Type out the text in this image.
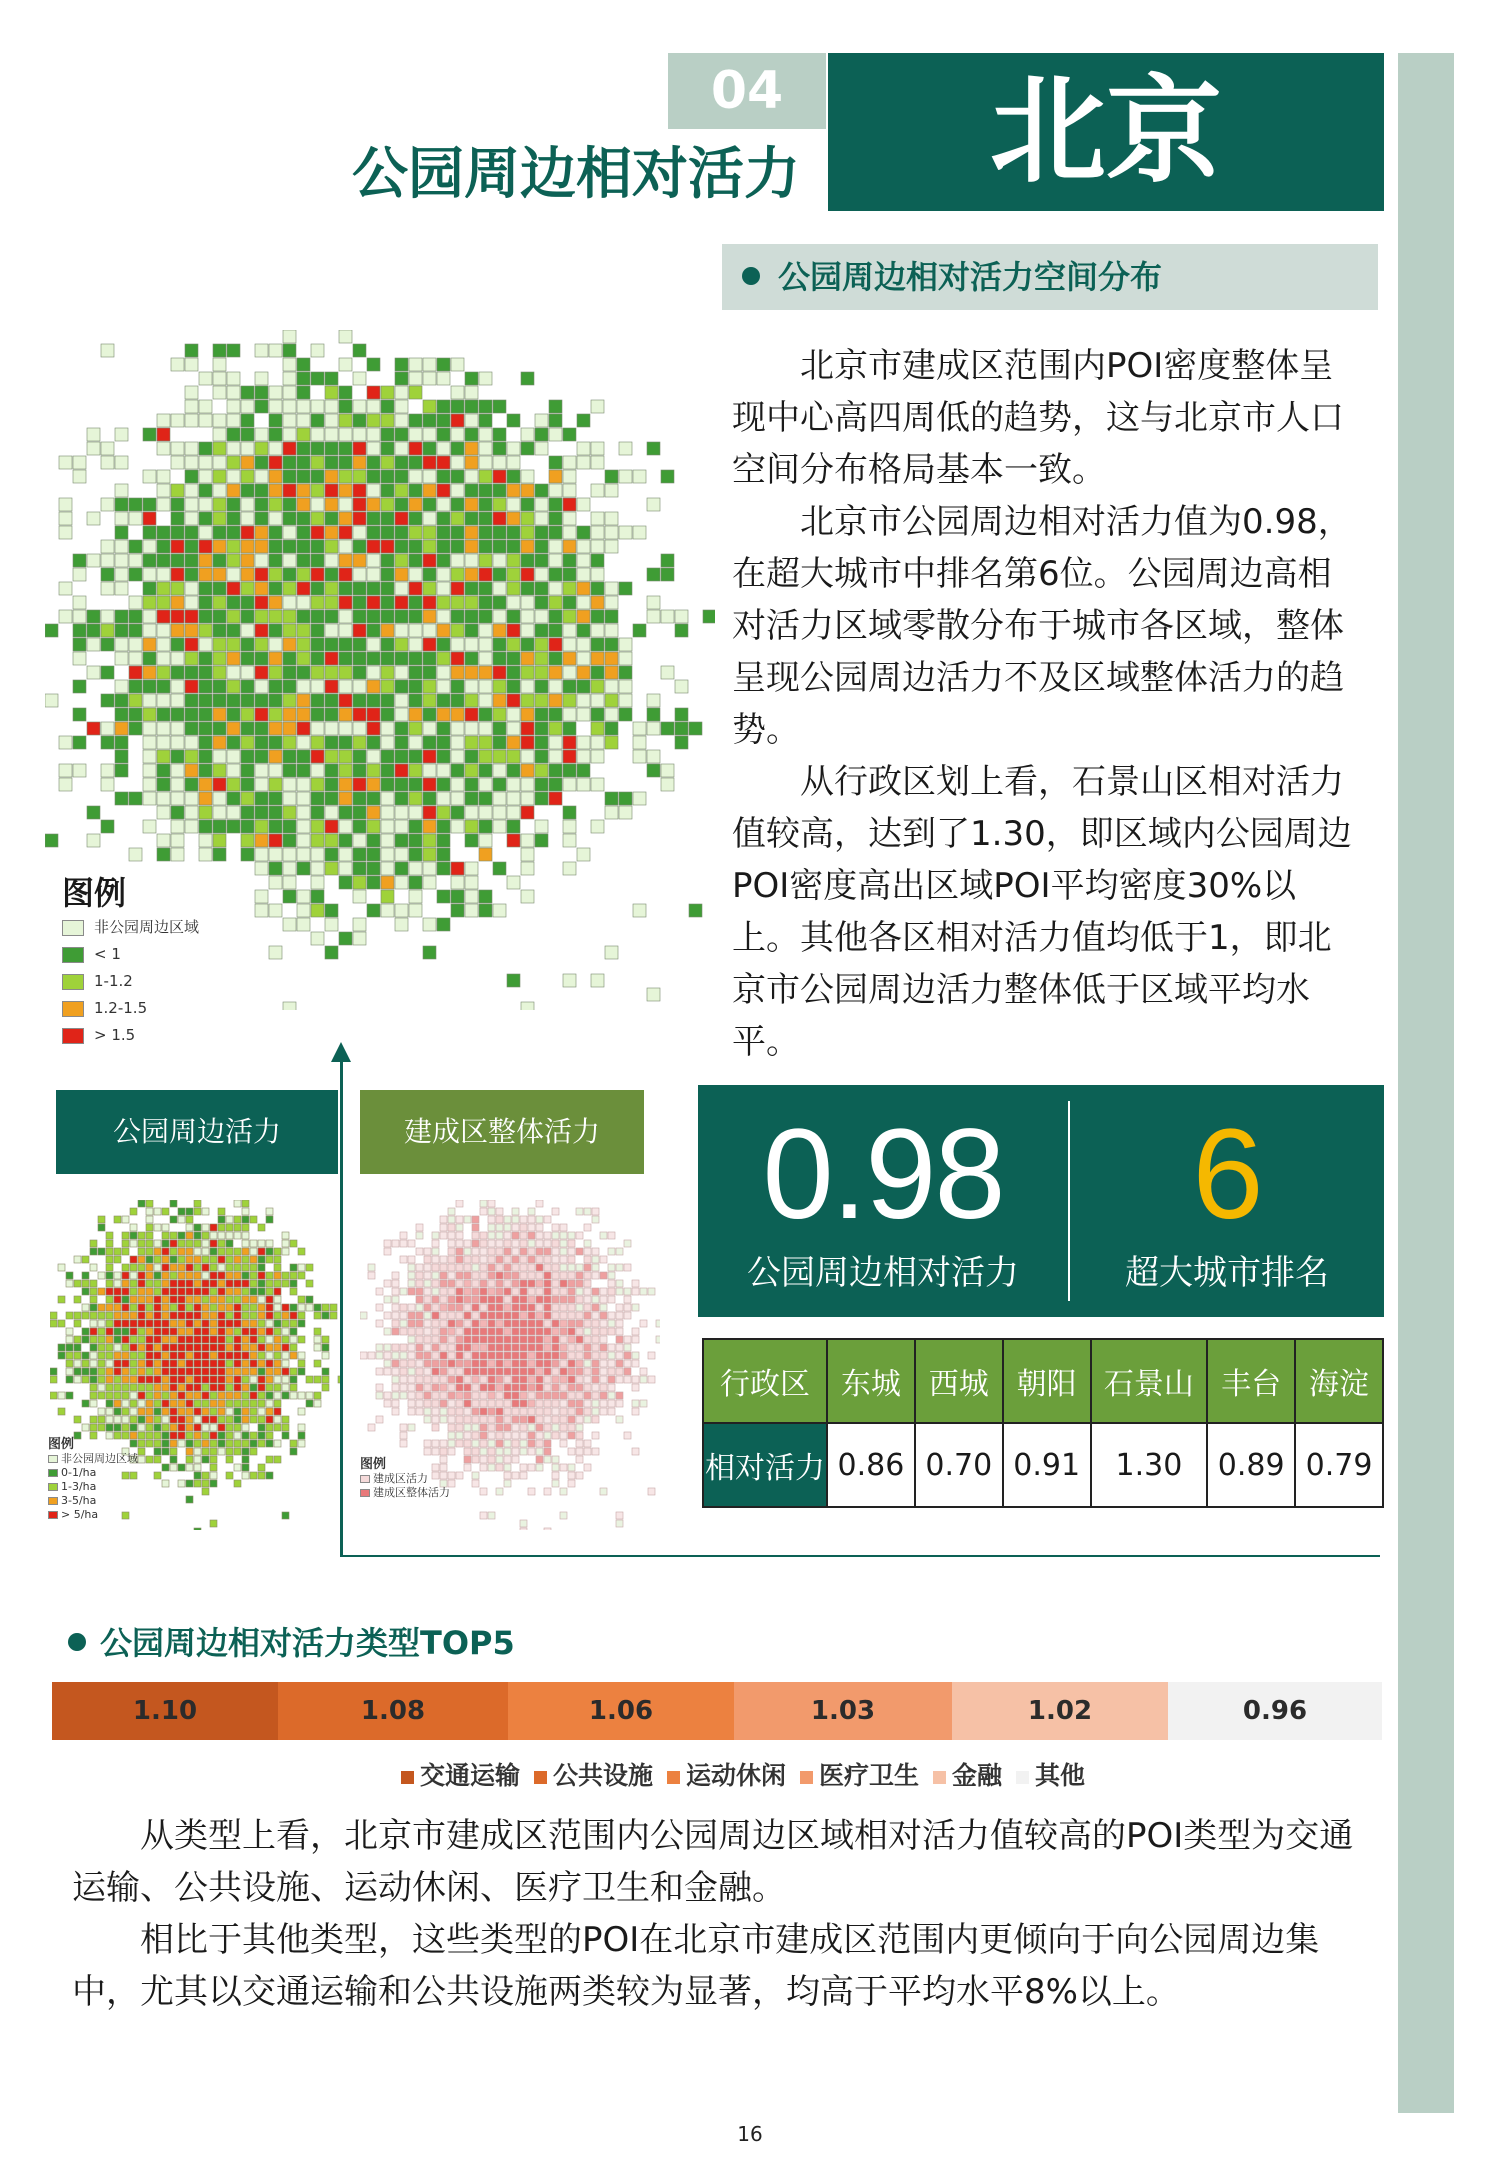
04
公园周边相对活力	北京
公园周边相对活力空间分布

北京市建成区范围内POI密度整体呈现中心高四周低的趋势，这与北京市人口空间分布格局基本一致。

北京市公园周边相对活力值为0.98，在超大城市中排名第6位。公园周边高相对活力区域零散分布于城市各区域，整体呈现公园周边活力不及区域整体活力的趋势。

从行政区划上看，石景山区相对活力值较高，达到了1.30，即区域内公园周边POI密度高出区域POI平均密度30%以上。其他各区相对活力值均低于1，即北京市公园周边活力整体低于区域平均水平。

图例
非公园周边区域
< 1
1-1.2
1.2-1.5
> 1.5
公园周边活力	建成区整体活力
图例
非公园周边区域
0-1/ha
1-3/ha
3-5/ha
> 5/ha
图例
建成区活力
建成区整体活力
0.98
公园周边相对活力
6
超大城市排名
行政区	东城	西城	朝阳	石景山	丰台	海淀
相对活力	0.86	0.70	0.91	1.30	0.89	0.79
公园周边相对活力类型TOP5
1.10	1.08	1.06	1.03	1.02	0.96
交通运输 公共设施 运动休闲 医疗卫生 金融 其他

从类型上看，北京市建成区范围内公园周边区域相对活力值较高的POI类型为交通运输、公共设施、运动休闲、医疗卫生和金融。

相比于其他类型，这些类型的POI在北京市建成区范围内更倾向于向公园周边集中，尤其以交通运输和公共设施两类较为显著，均高于平均水平8%以上。

16
